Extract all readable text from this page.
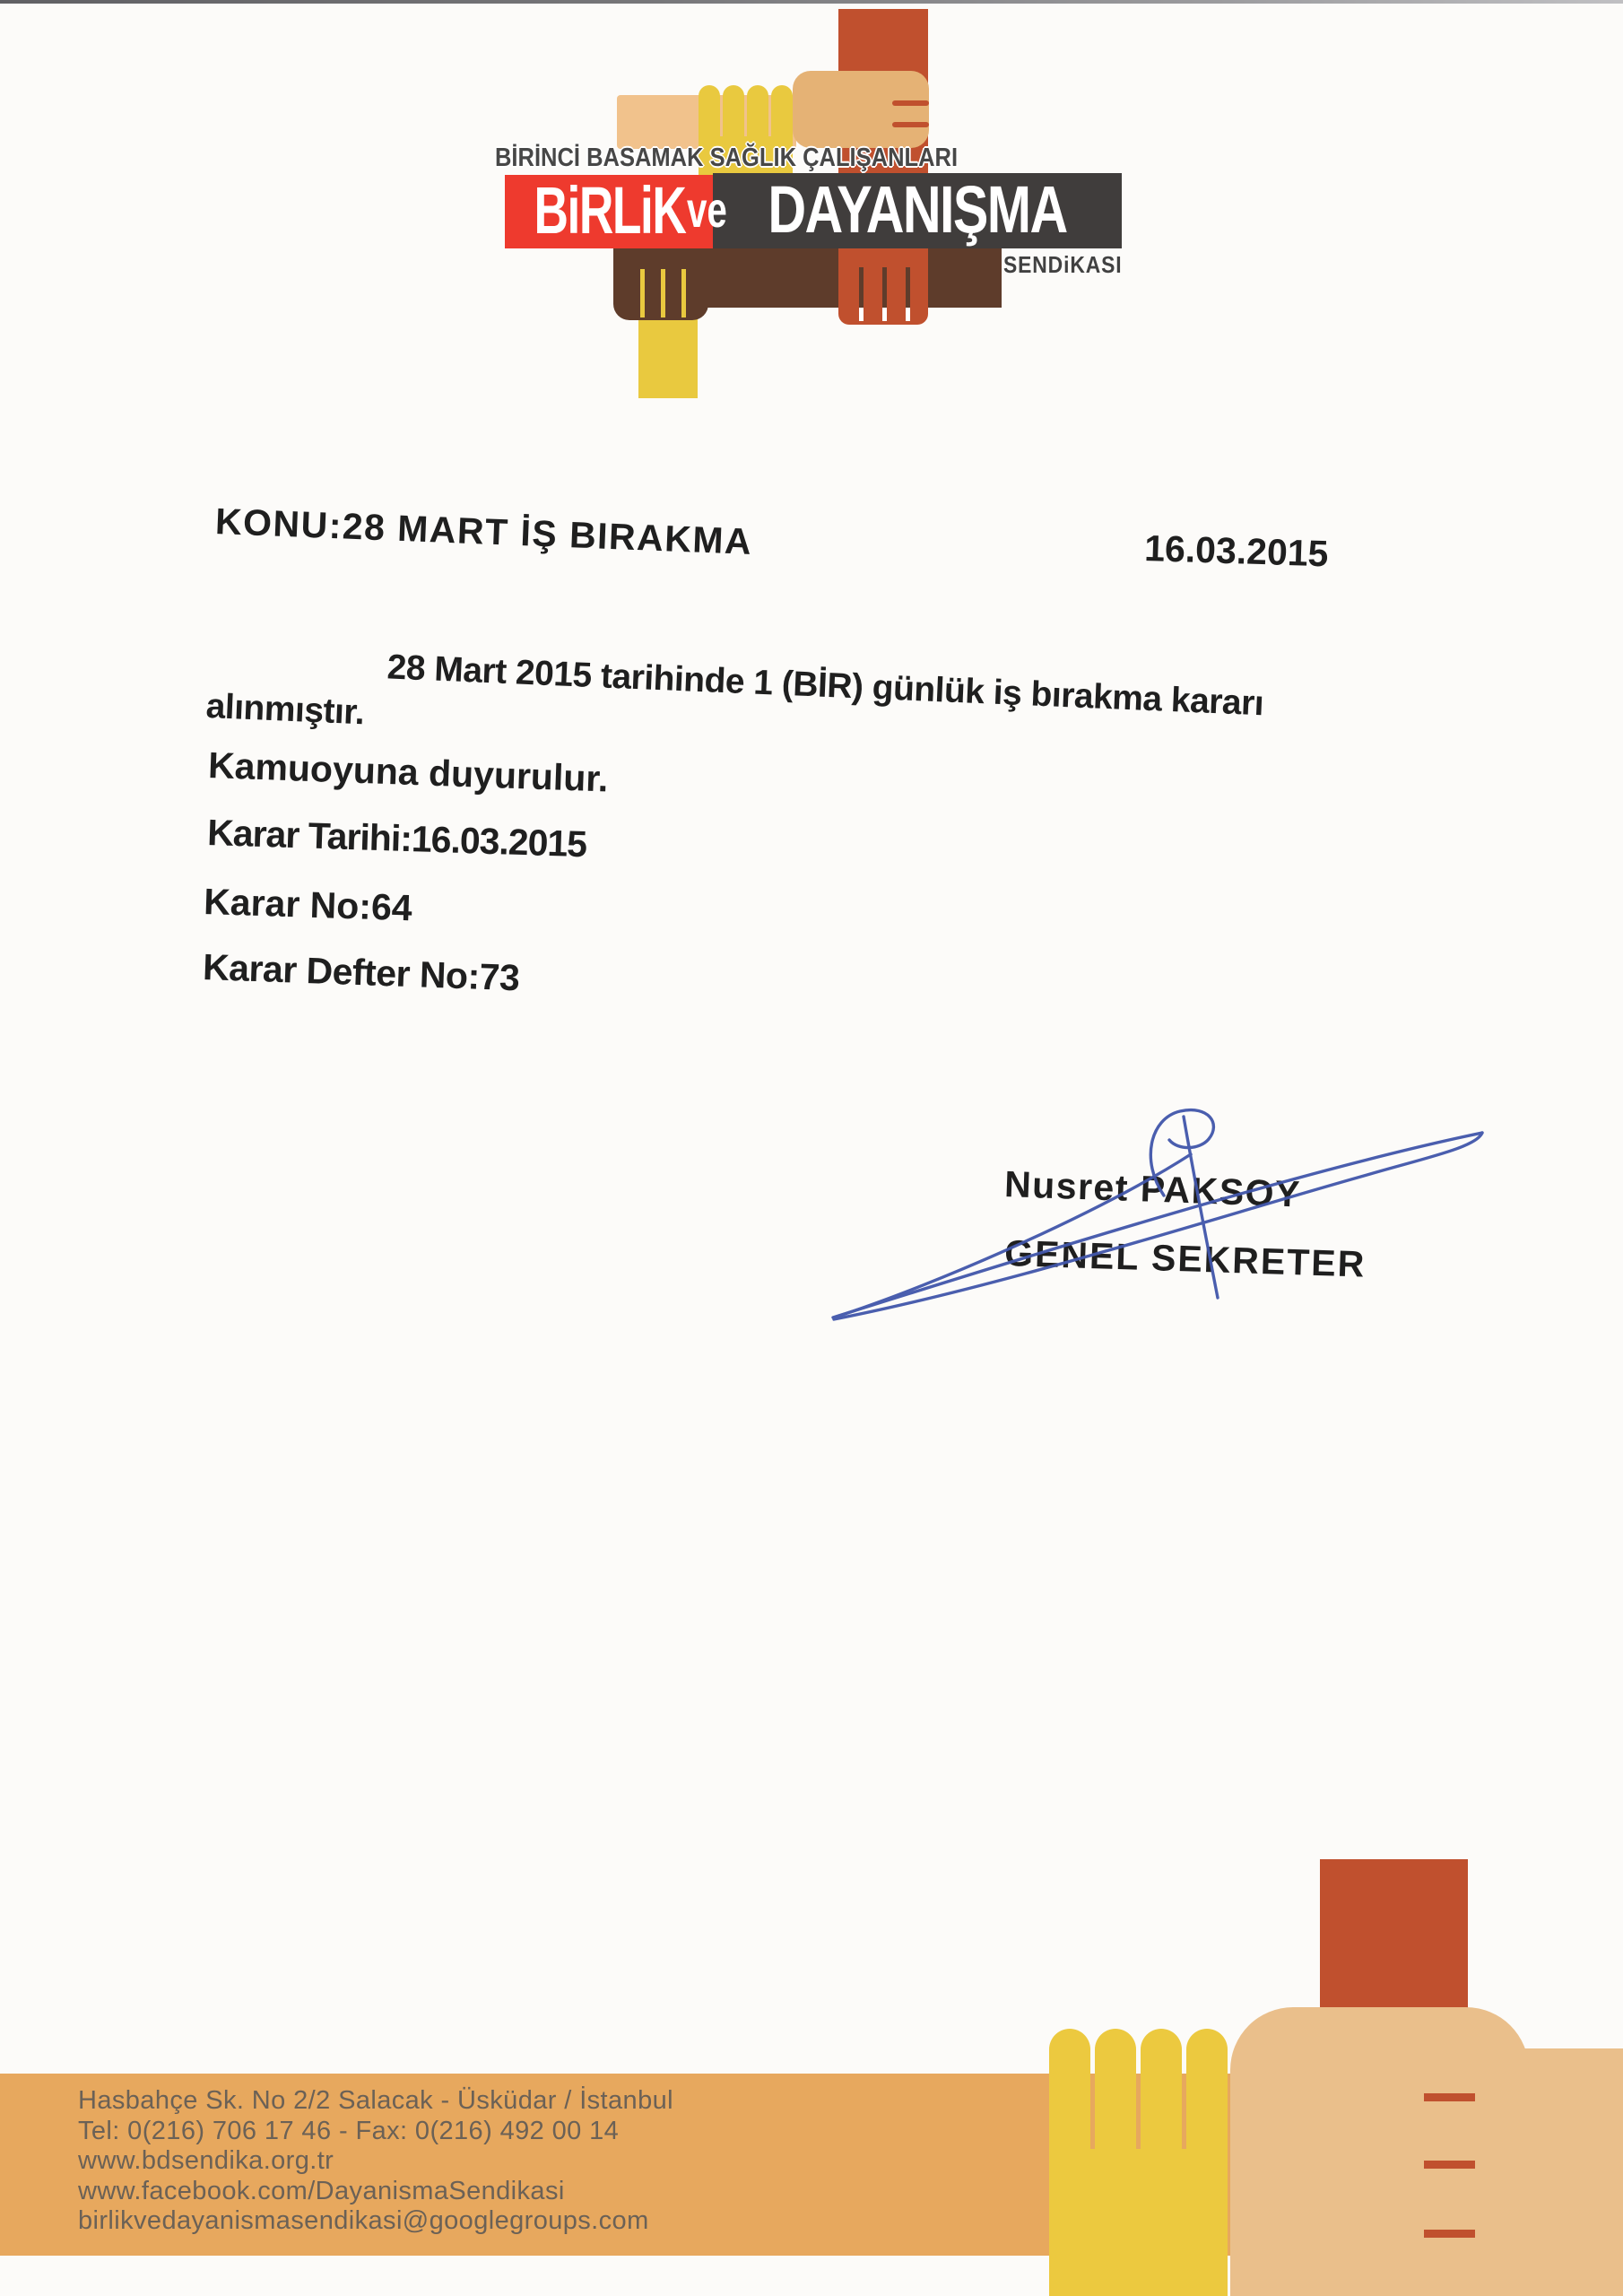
BİRİNCİ BASAMAK SAĞLIK ÇALIŞANLARI
BiRLiK	DAYANIŞMA
ve
SENDiKASI
KONU:28 MART İŞ BIRAKMA	16.03.2015
28 Mart 2015 tarihinde 1 (BİR) günlük iş bırakma kararı
alınmıştır.
Kamuoyuna duyurulur.
Karar Tarihi:16.03.2015
Karar No:64
Karar Defter No:73
Nusret PAKSOY
GENEL SEKRETER
Hasbahçe Sk. No 2/2 Salacak - Üsküdar / İstanbul
Tel: 0(216) 706 17 46 - Fax: 0(216) 492 00 14
www.bdsendika.org.tr
www.facebook.com/DayanismaSendikasi
birlikvedayanismasendikasi@googlegroups.com
